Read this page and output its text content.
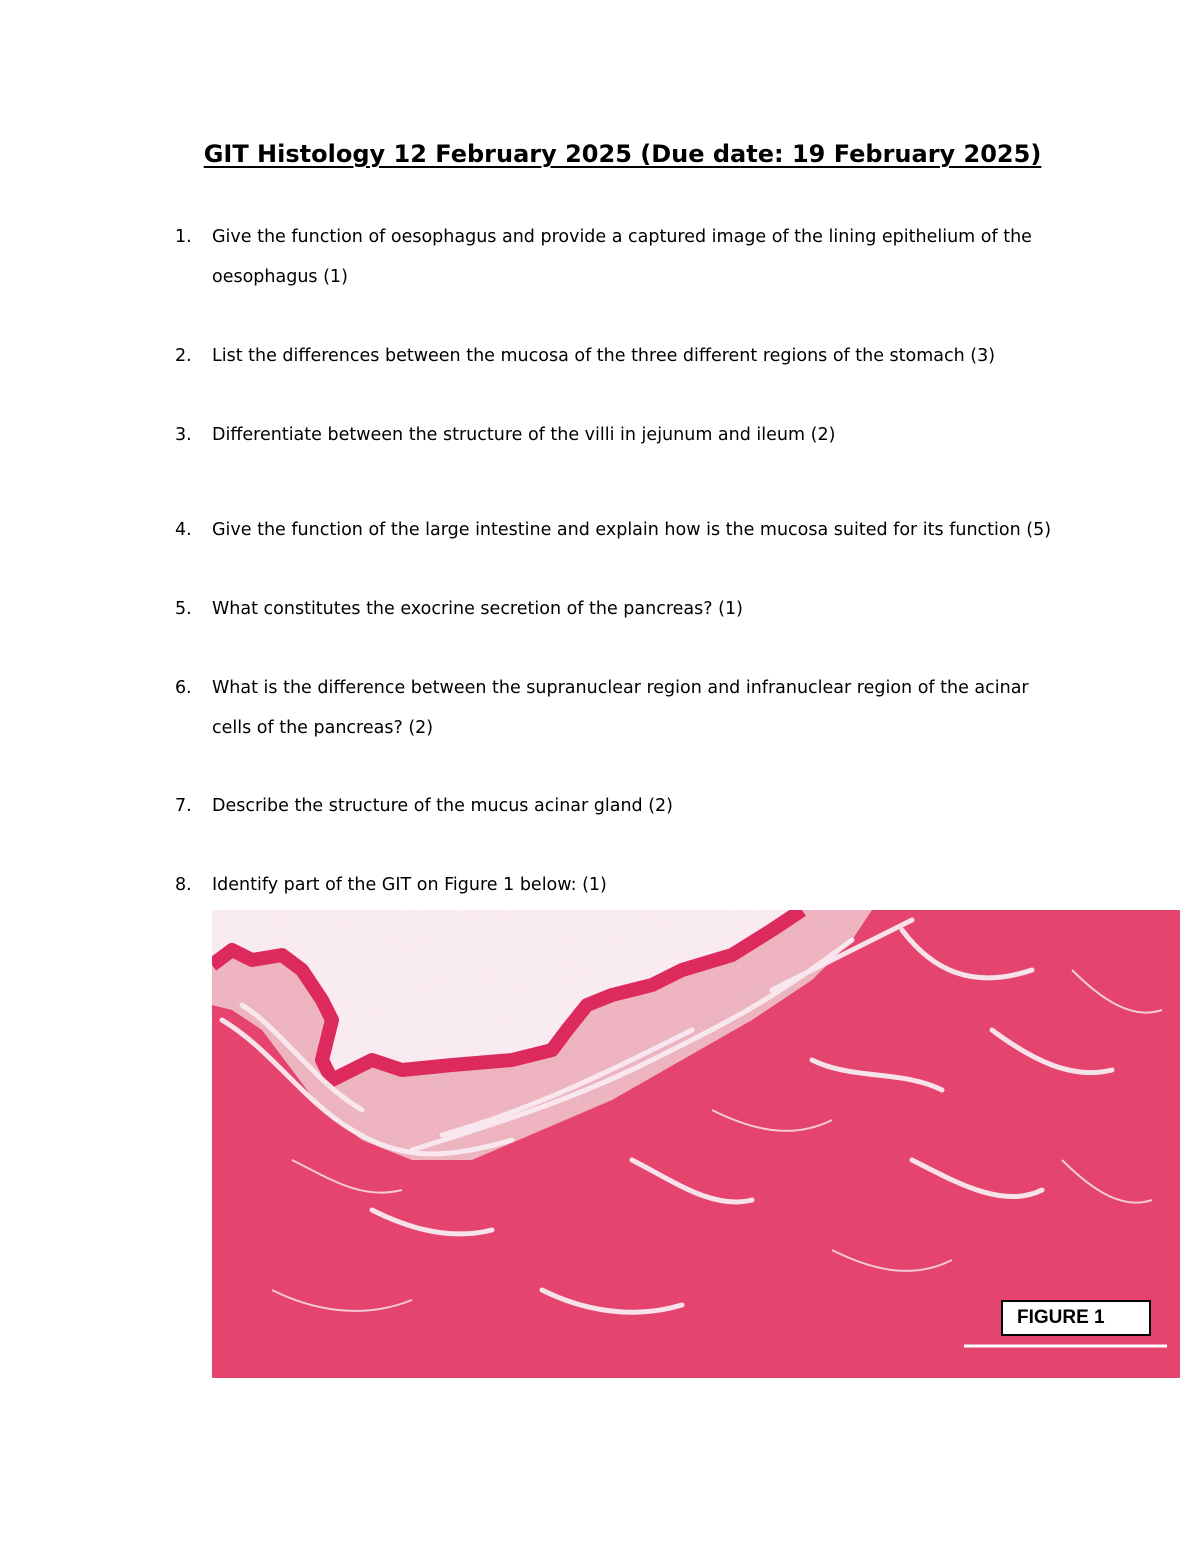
GIT Histology 12 February 2025 (Due date: 19 February 2025)
1.	Give the function of oesophagus and provide a captured image of the lining epithelium of the oesophagus (1)
2.	List the differences between the mucosa of the three different regions of the stomach (3)
3.	Differentiate between the structure of the villi in jejunum and ileum (2)
4.	Give the function of the large intestine and explain how is the mucosa suited for its function (5)
5.	What constitutes the exocrine secretion of the pancreas? (1)
6.	What is the difference between the supranuclear region and infranuclear region of the acinar cells of the pancreas? (2)
7.	Describe the structure of the mucus acinar gland (2)
8.	Identify part of the GIT on Figure 1 below: (1)
FIGURE 1
